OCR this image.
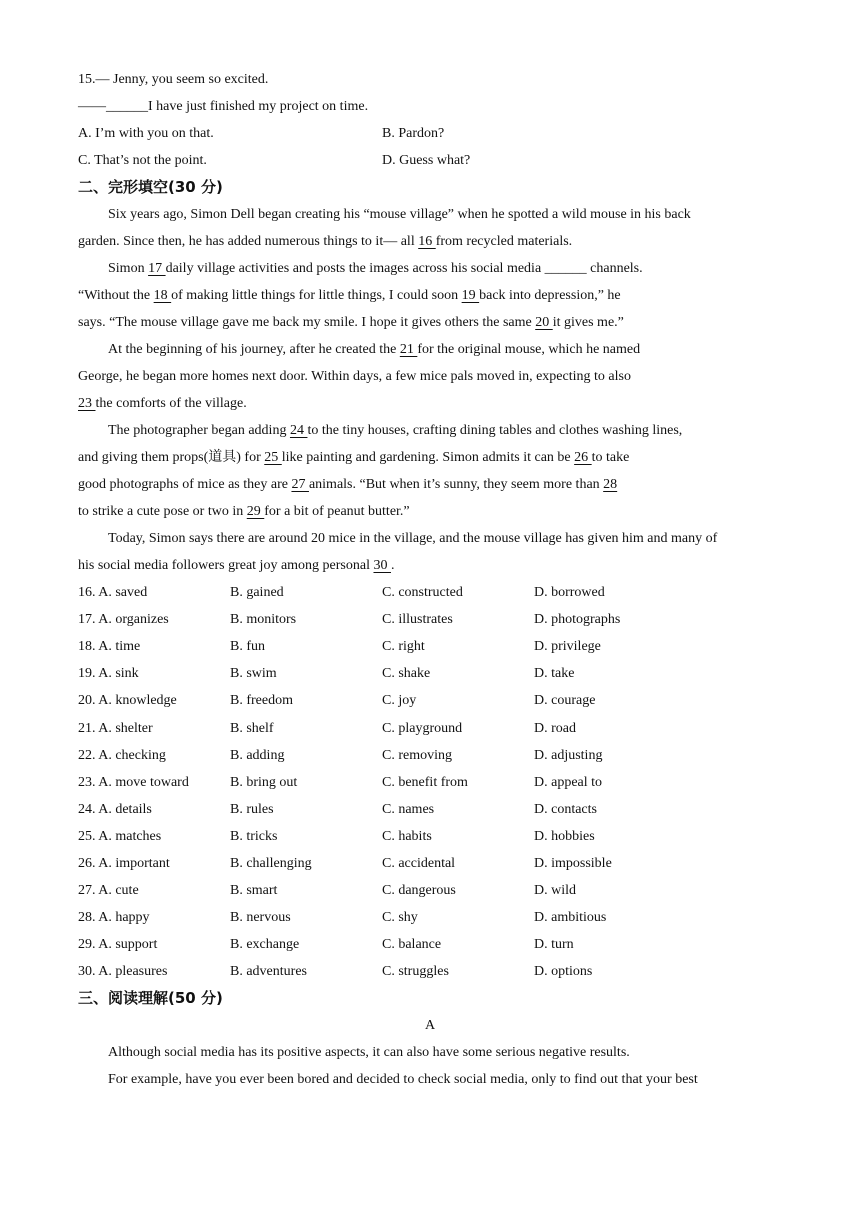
15.— Jenny, you seem so excited.
——______I have just finished my project on time.
A. I’m with you on that.	B. Pardon?
C. That’s not the point.	D. Guess what?
二、完形填空(30 分)
Six years ago, Simon Dell began creating his “mouse village” when he spotted a wild mouse in his back
garden. Since then, he has added numerous things to it— all 16 from recycled materials.
Simon 17 daily village activities and posts the images across his social media ______ channels.
“Without the 18 of making little things for little things, I could soon 19 back into depression,” he
says. “The mouse village gave me back my smile. I hope it gives others the same 20 it gives me.”
At the beginning of his journey, after he created the 21 for the original mouse, which he named
George, he began more homes next door. Within days, a few mice pals moved in, expecting to also
23 the comforts of the village.
The photographer began adding 24 to the tiny houses, crafting dining tables and clothes washing lines,
and giving them props(道具) for 25 like painting and gardening. Simon admits it can be 26 to take
good photographs of mice as they are 27 animals. “But when it’s sunny, they seem more than 28
to strike a cute pose or two in 29 for a bit of peanut butter.”
Today, Simon says there are around 20 mice in the village, and the mouse village has given him and many of
his social media followers great joy among personal 30 .
16. A. saved	B. gained	C. constructed	D. borrowed
17. A. organizes	B. monitors	C. illustrates	D. photographs
18. A. time	B. fun	C. right	D. privilege
19. A. sink	B. swim	C. shake	D. take
20. A. knowledge	B. freedom	C. joy	D. courage
21. A. shelter	B. shelf	C. playground	D. road
22. A. checking	B. adding	C. removing	D. adjusting
23. A. move toward	B. bring out	C. benefit from	D. appeal to
24. A. details	B. rules	C. names	D. contacts
25. A. matches	B. tricks	C. habits	D. hobbies
26. A. important	B. challenging	C. accidental	D. impossible
27. A. cute	B. smart	C. dangerous	D. wild
28. A. happy	B. nervous	C. shy	D. ambitious
29. A. support	B. exchange	C. balance	D. turn
30. A. pleasures	B. adventures	C. struggles	D. options
三、阅读理解(50 分)
A
Although social media has its positive aspects, it can also have some serious negative results.
For example, have you ever been bored and decided to check social media, only to find out that your best
